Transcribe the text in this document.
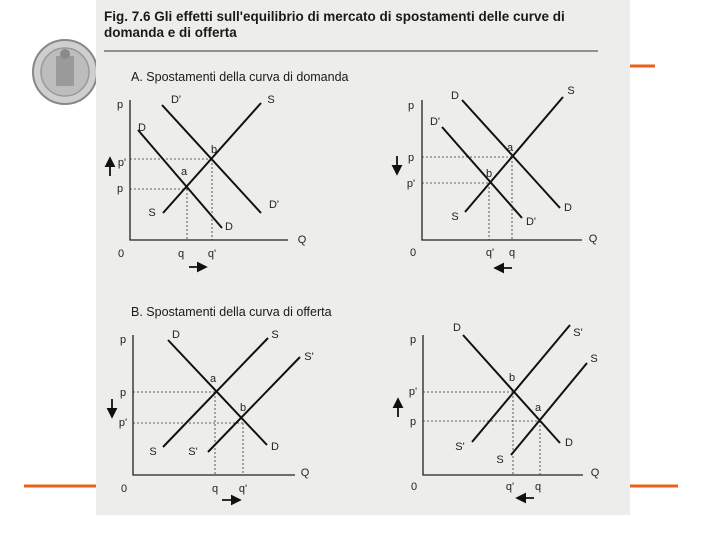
Fig. 7.6 Gli effetti sull'equilibrio di mercato di spostamenti delle curve di
domanda e di offerta
A. Spostamenti della curva di domanda
B. Spostamenti della curva di offerta
p	D'	S
D
b
p'
a
p
S
D'
D
Q
0	q q'
p
D	S
D'
a
p
b
p'
S
D
D'
Q
0	q' q
p	D	S
S'
a
p
b
p'
S	D
S'
Q
0	q q'
p
D	S'
S
b
p'
a
p
S'	D
S
Q
0	q' q
